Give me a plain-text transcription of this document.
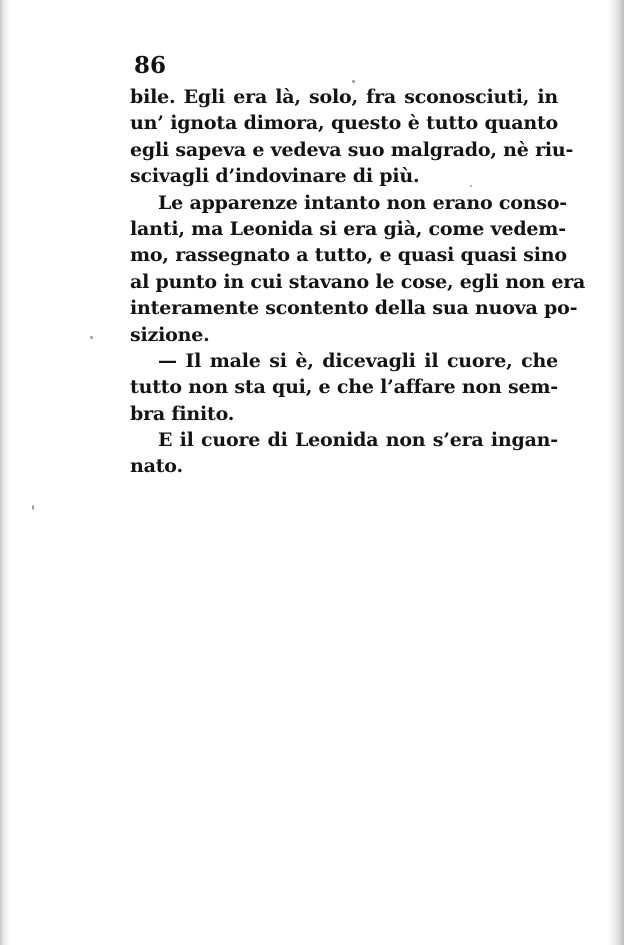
86
bile. Egli era là, solo, fra sconosciuti, in
un’ ignota dimora, questo è tutto quanto
egli sapeva e vedeva suo malgrado, nè riu-
scivagli d’indovinare di più.
Le apparenze intanto non erano conso-
lanti, ma Leonida si era già, come vedem-
mo, rassegnato a tutto, e quasi quasi sino
al punto in cui stavano le cose, egli non era
interamente scontento della sua nuova po-
sizione.
— Il male si è, dicevagli il cuore, che
tutto non sta qui, e che l’affare non sem-
bra finito.
E il cuore di Leonida non s’era ingan-
nato.
